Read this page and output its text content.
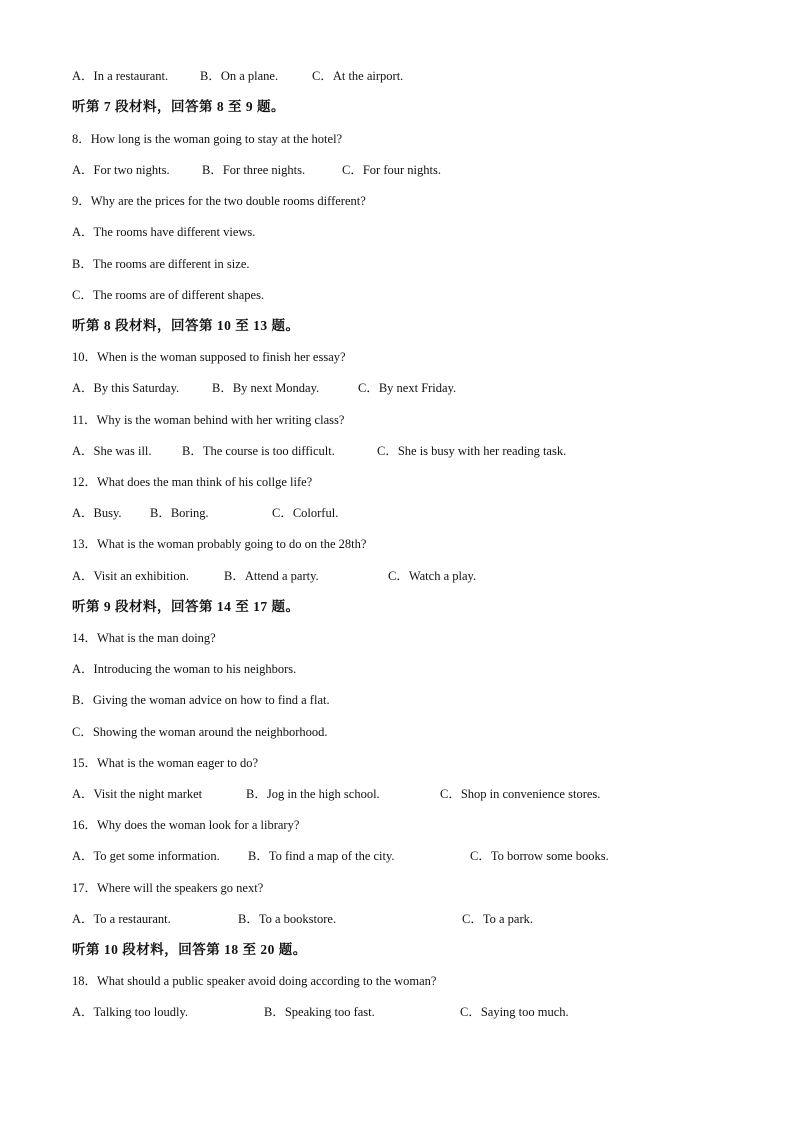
A．In a restaurant.	B．On a plane.	C．At the airport.
听第 7 段材料，回答第 8 至 9 题。
8．How long is the woman going to stay at the hotel?
A．For two nights.	B．For three nights.	C．For four nights.
9．Why are the prices for the two double rooms different?
A．The rooms have different views.
B．The rooms are different in size.
C．The rooms are of different shapes.
听第 8 段材料，回答第 10 至 13 题。
10．When is the woman supposed to finish her essay?
A．By this Saturday.	B．By next Monday.	C．By next Friday.
11．Why is the woman behind with her writing class?
A．She was ill. B．The course is too difficult.	C．She is busy with her reading task.
12．What does the man think of his collge life?
A．Busy. B．Boring.	C．Colorful.
13．What is the woman probably going to do on the 28th?
A．Visit an exhibition.	B．Attend a party.	C．Watch a play.
听第 9 段材料，回答第 14 至 17 题。
14．What is the man doing?
A．Introducing the woman to his neighbors.
B．Giving the woman advice on how to find a flat.
C．Showing the woman around the neighborhood.
15．What is the woman eager to do?
A．Visit the night market	B．Jog in the high school.	C．Shop in convenience stores.
16．Why does the woman look for a library?
A．To get some information. B．To find a map of the city.	C．To borrow some books.
17．Where will the speakers go next?
A．To a restaurant.	B．To a bookstore.	C．To a park.
听第 10 段材料，回答第 18 至 20 题。
18．What should a public speaker avoid doing according to the woman?
A．Talking too loudly.	B．Speaking too fast.	C．Saying too much.
